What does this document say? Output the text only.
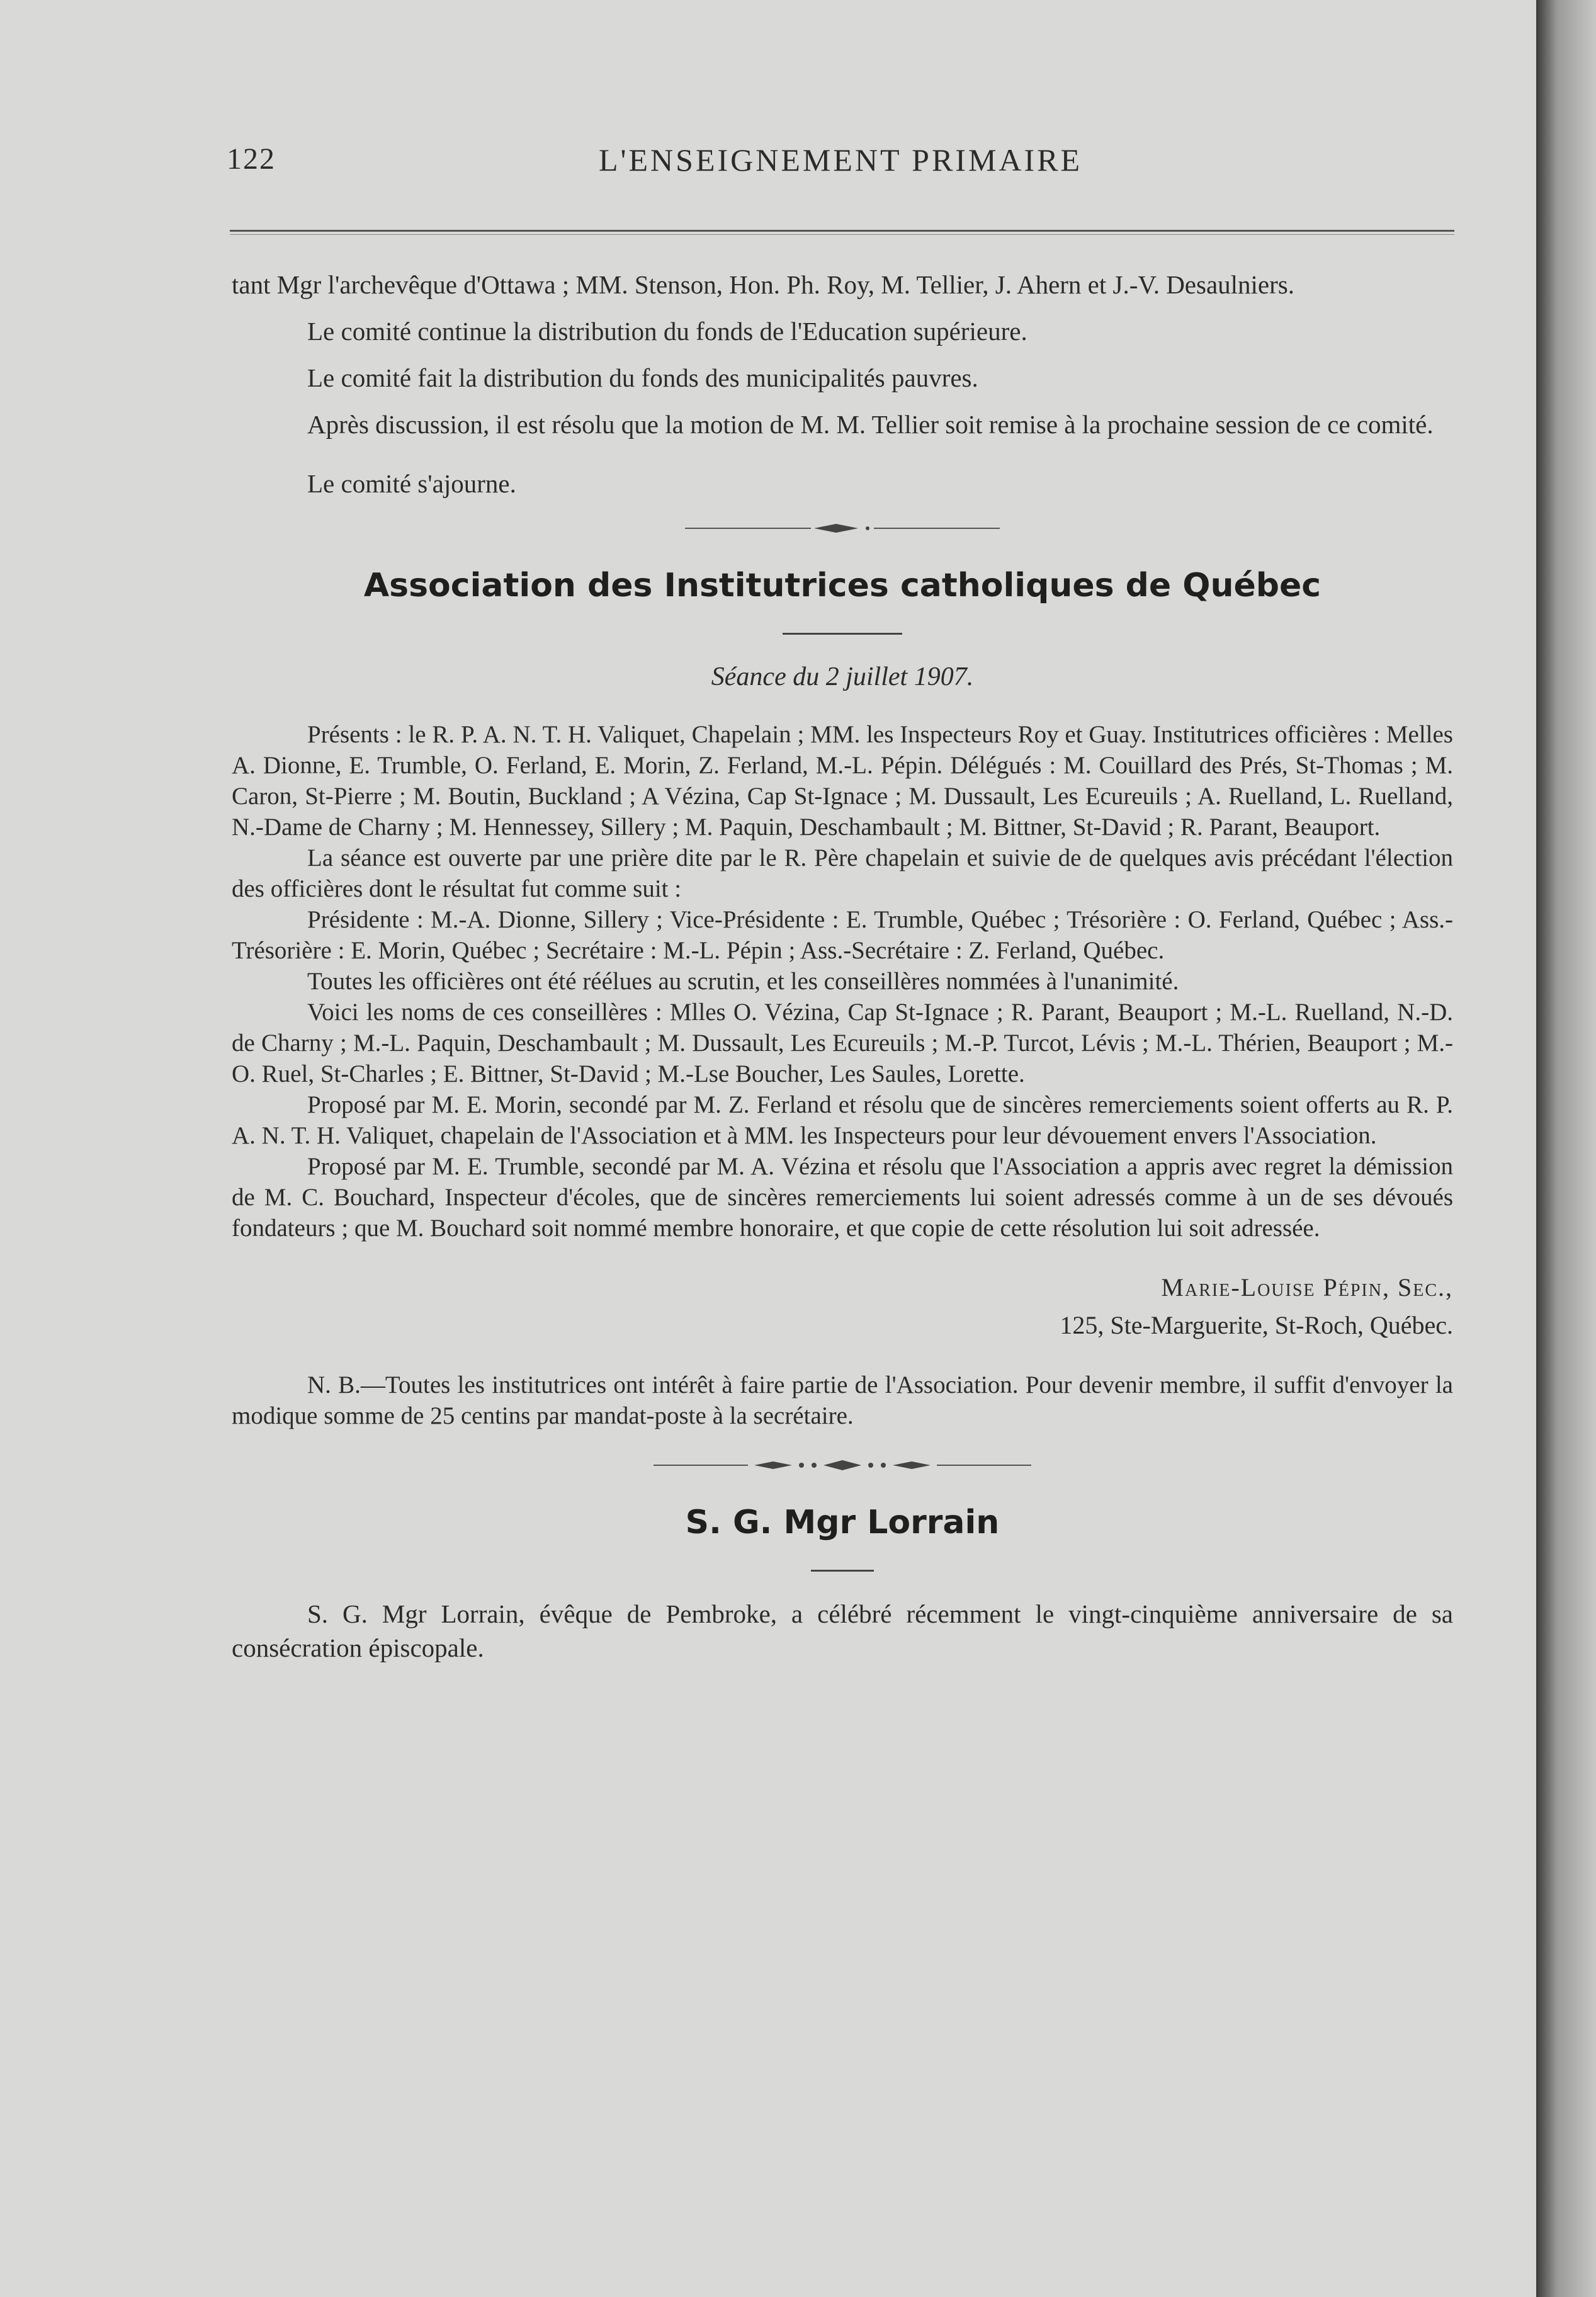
122	L'ENSEIGNEMENT PRIMAIRE

tant Mgr l'archevêque d'Ottawa ; MM. Stenson, Hon. Ph. Roy, M. Tellier, J. Ahern et J.-V. Desaulniers.

Le comité continue la distribution du fonds de l'Education supérieure.

Le comité fait la distribution du fonds des municipalités pauvres.

Après discussion, il est résolu que la motion de M. M. Tellier soit remise à la prochaine session de ce comité.

Le comité s'ajourne.

Association des Institutrices catholiques de Québec
Séance du 2 juillet 1907.

Présents : le R. P. A. N. T. H. Valiquet, Chapelain ; MM. les Inspecteurs Roy et Guay. Institutrices officières : Melles A. Dionne, E. Trumble, O. Ferland, E. Morin, Z. Ferland, M.-L. Pépin. Délégués : M. Couillard des Prés, St-Thomas ; M. Caron, St-Pierre ; M. Boutin, Buckland ; A Vézina, Cap St-Ignace ; M. Dussault, Les Ecureuils ; A. Ruelland, L. Ruelland, N.-Dame de Charny ; M. Hennessey, Sillery ; M. Paquin, Deschambault ; M. Bittner, St-David ; R. Parant, Beauport.

La séance est ouverte par une prière dite par le R. Père chapelain et suivie de de quelques avis précédant l'élection des officières dont le résultat fut comme suit :

Présidente : M.-A. Dionne, Sillery ; Vice-Présidente : E. Trumble, Québec ; Trésorière : O. Ferland, Québec ; Ass.-Trésorière : E. Morin, Québec ; Secrétaire : M.-L. Pépin ; Ass.-Secrétaire : Z. Ferland, Québec.

Toutes les officières ont été réélues au scrutin, et les conseillères nommées à l'unanimité.

Voici les noms de ces conseillères : Mlles O. Vézina, Cap St-Ignace ; R. Parant, Beauport ; M.-L. Ruelland, N.-D. de Charny ; M.-L. Paquin, Deschambault ; M. Dussault, Les Ecureuils ; M.-P. Turcot, Lévis ; M.-L. Thérien, Beauport ; M.-O. Ruel, St-Charles ; E. Bittner, St-David ; M.-Lse Boucher, Les Saules, Lorette.

Proposé par M. E. Morin, secondé par M. Z. Ferland et résolu que de sincères remerciements soient offerts au R. P. A. N. T. H. Valiquet, chapelain de l'Association et à MM. les Inspecteurs pour leur dévouement envers l'Association.

Proposé par M. E. Trumble, secondé par M. A. Vézina et résolu que l'Association a appris avec regret la démission de M. C. Bouchard, Inspecteur d'écoles, que de sincères remerciements lui soient adressés comme à un de ses dévoués fondateurs ; que M. Bouchard soit nommé membre honoraire, et que copie de cette résolution lui soit adressée.

Marie-Louise Pépin, Sec.,
125, Ste-Marguerite, St-Roch, Québec.

N. B.—Toutes les institutrices ont intérêt à faire partie de l'Association. Pour devenir membre, il suffit d'envoyer la modique somme de 25 centins par mandat-poste à la secrétaire.

S. G. Mgr Lorrain

S. G. Mgr Lorrain, évêque de Pembroke, a célébré récemment le vingt-cinquième anniversaire de sa consécration épiscopale.
